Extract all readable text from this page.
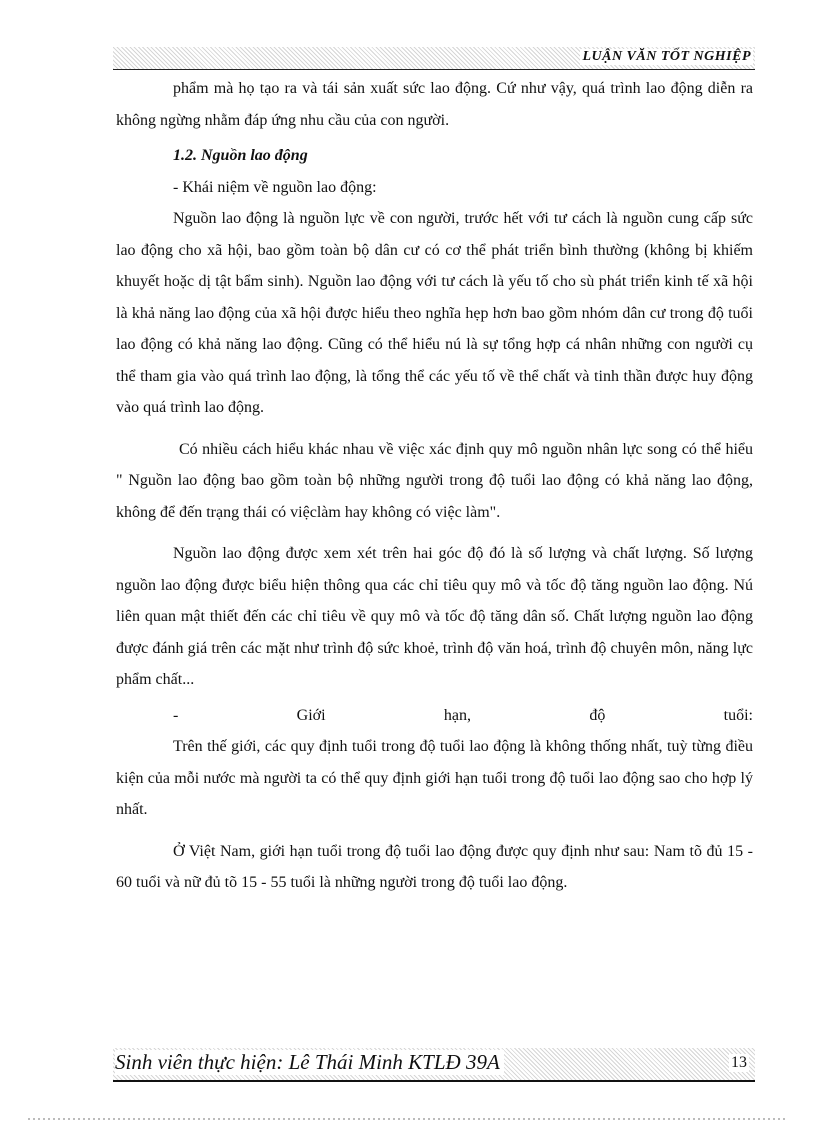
LUẬN VĂN TỐT NGHIỆP

phẩm mà họ tạo ra và tái sản xuất sức lao động. Cứ như vậy, quá trình lao động diễn ra không ngừng nhằm đáp ứng nhu cầu của con người.

1.2. Nguồn lao động

- Khái niệm về nguồn lao động:

Nguồn lao động là nguồn lực về con người, trước hết với tư cách là nguồn cung cấp sức lao động cho xã hội, bao gồm toàn bộ dân cư có cơ thể phát triển bình thường (không bị khiếm khuyết hoặc dị tật bẩm sinh). Nguồn lao động với tư cách là yếu tố cho sù phát triển kinh tế xã hội là khả năng lao động của xã hội được hiểu theo nghĩa hẹp hơn bao gồm nhóm dân cư trong độ tuổi lao động có khả năng lao động. Cũng có thể hiểu nú là sự tổng hợp cá nhân những con người cụ thể tham gia vào quá trình lao động, là tổng thể các yếu tố về thể chất và tinh thần được huy động vào quá trình lao động.

Có nhiều cách hiểu khác nhau về việc xác định quy mô nguồn nhân lực song có thể hiểu " Nguồn lao động bao gồm toàn bộ những người trong độ tuổi lao động có khả năng lao động, không để đến trạng thái có việclàm hay không có việc làm".

Nguồn lao động được xem xét trên hai góc độ đó là số lượng và chất lượng. Số lượng nguồn lao động được biểu hiện thông qua các chỉ tiêu quy mô và tốc độ tăng nguồn lao động. Nú liên quan mật thiết đến các chỉ tiêu về quy mô và tốc độ tăng dân số. Chất lượng nguồn lao động được đánh giá trên các mặt như trình độ sức khoẻ, trình độ văn hoá, trình độ chuyên môn, năng lực phẩm chất...

-	Giới	hạn,	độ	tuổi:

Trên thế giới, các quy định tuổi trong độ tuổi lao động là không thống nhất, tuỳ từng điều kiện của mỗi nước mà người ta có thể quy định giới hạn tuổi trong độ tuổi lao động sao cho hợp lý nhất.

Ở Việt Nam, giới hạn tuổi trong độ tuổi lao động được quy định như sau: Nam tõ đủ 15 - 60 tuổi và nữ đủ tõ 15 - 55 tuổi là những người trong độ tuổi lao động.

Sinh viên thực hiện: Lê Thái Minh KTLĐ 39A	13
